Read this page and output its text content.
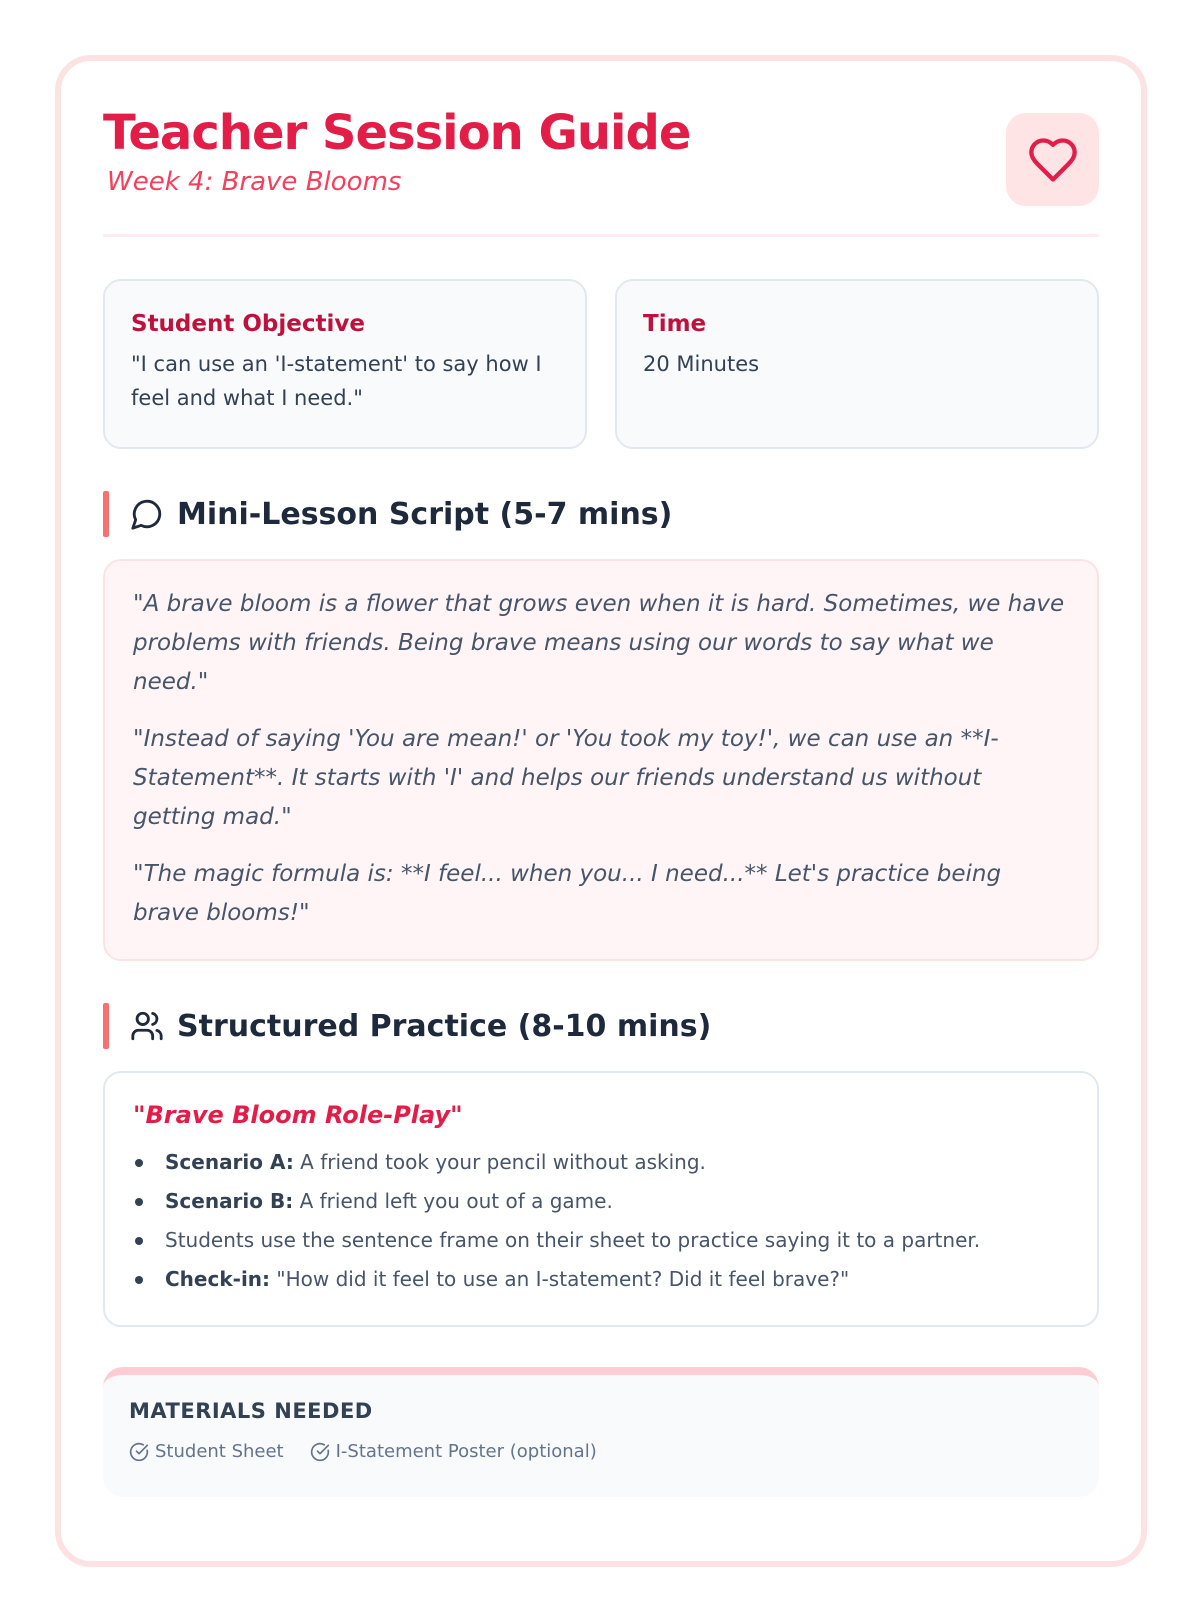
Teacher Session Guide
Week 4: Brave Blooms
Student Objective
"I can use an 'I-statement' to say how I feel and what I need."
Time
20 Minutes
Mini-Lesson Script (5-7 mins)

"A brave bloom is a flower that grows even when it is hard. Sometimes, we have problems with friends. Being brave means using our words to say what we need."

"Instead of saying 'You are mean!' or 'You took my toy!', we can use an **I-Statement**. It starts with 'I' and helps our friends understand us without getting mad."

"The magic formula is: **I feel... when you... I need...** Let's practice being brave blooms!"

Structured Practice (8-10 mins)
"Brave Bloom Role-Play"
Scenario A: A friend took your pencil without asking.
Scenario B: A friend left you out of a game.
Students use the sentence frame on their sheet to practice saying it to a partner.
Check-in: "How did it feel to use an I-statement? Did it feel brave?"
MATERIALS NEEDED
Student Sheet	I-Statement Poster (optional)
